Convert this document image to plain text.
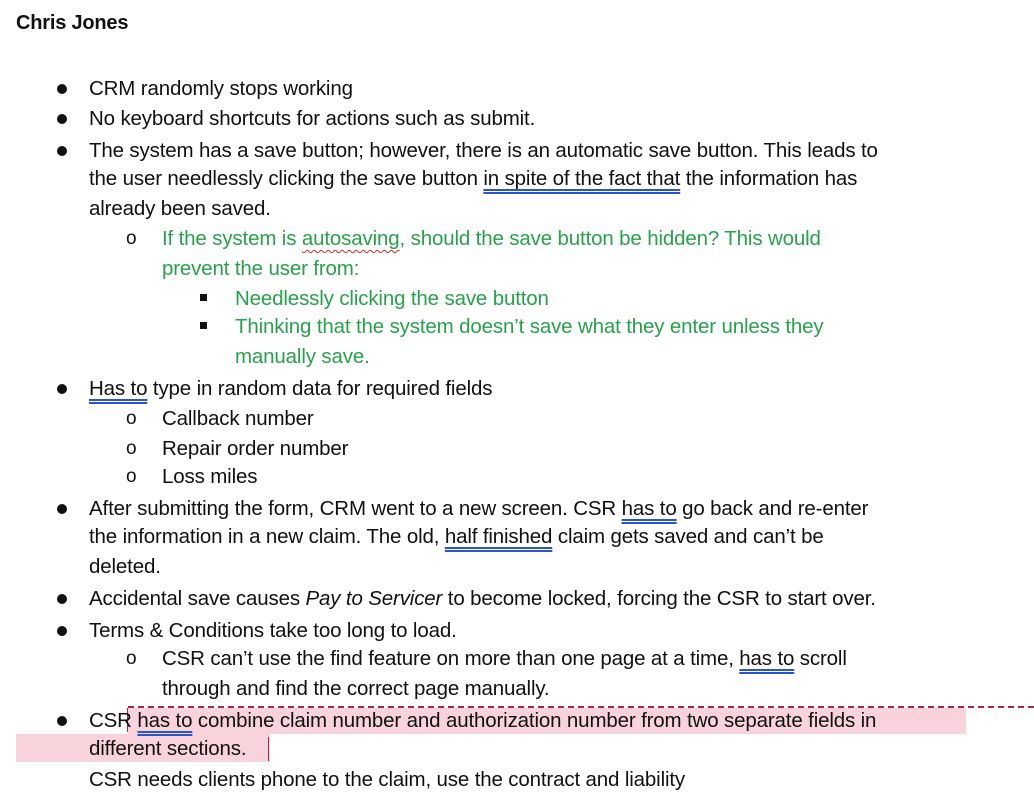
Chris Jones
CRM randomly stops working
No keyboard shortcuts for actions such as submit.
The system has a save button; however, there is an automatic save button. This leads to
the user needlessly clicking the save button in spite of the fact that the information has
already been saved.
o If the system is autosaving, should the save button be hidden? This would
prevent the user from:
Needlessly clicking the save button
Thinking that the system doesn’t save what they enter unless they
manually save.
Has to type in random data for required fields
o Callback number
o Repair order number
o Loss miles
After submitting the form, CRM went to a new screen. CSR has to go back and re-enter
the information in a new claim. The old, half finished claim gets saved and can’t be
deleted.
Accidental save causes Pay to Servicer to become locked, forcing the CSR to start over.
Terms & Conditions take too long to load.
o CSR can’t use the find feature on more than one page at a time, has to scroll
through and find the correct page manually.
CSR has to combine claim number and authorization number from two separate fields in
different sections.
CSR needs clients phone to the claim, use the contract and liability
